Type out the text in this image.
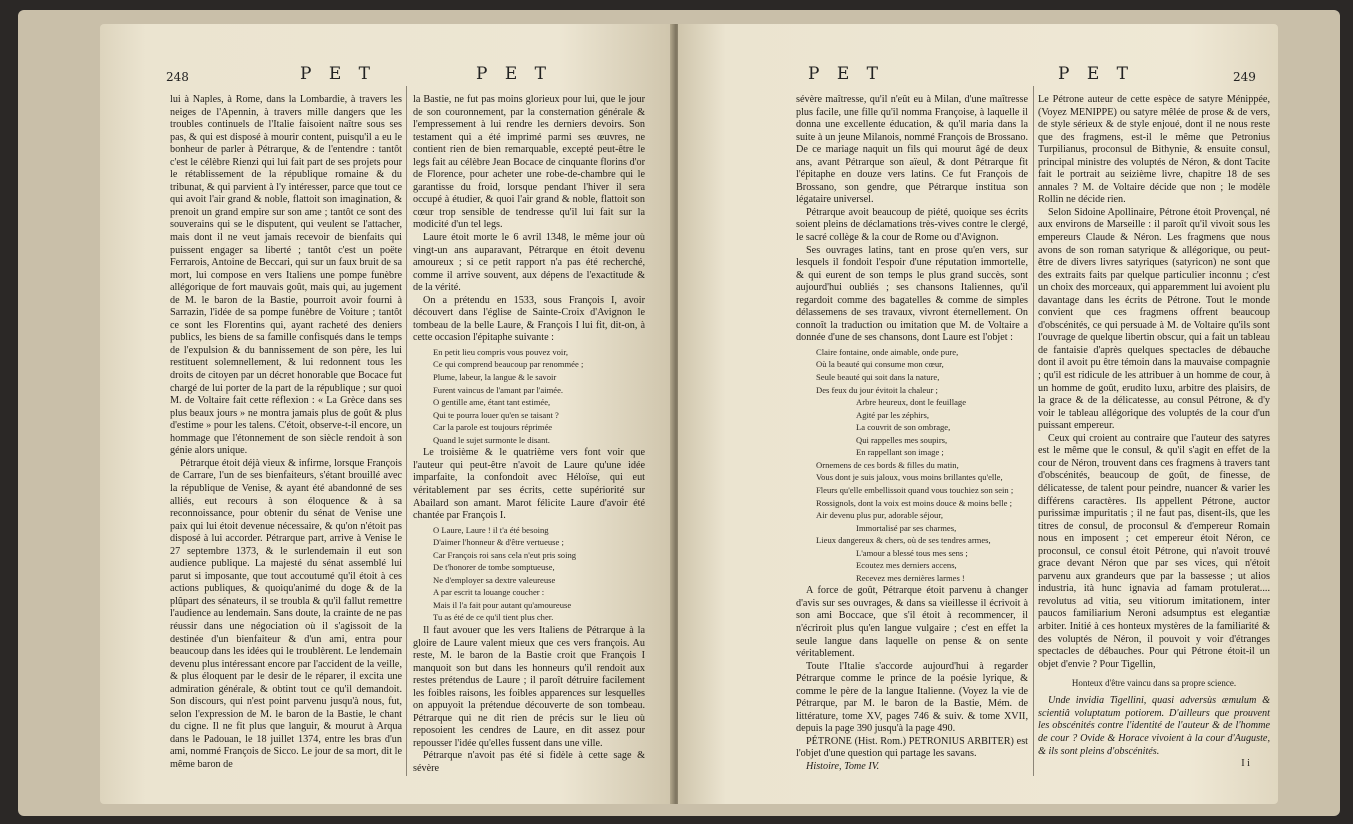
248	P E T	P E T

lui à Naples, à Rome, dans la Lombardie, à travers les neiges de l'Apennin, à travers mille dangers que les troubles continuels de l'Italie faisoient naître sous ses pas, & qui est disposé à mourir content, puisqu'il a eu le bonheur de parler à Pétrarque, & de l'entendre : tantôt c'est le célèbre Rienzi qui lui fait part de ses projets pour le rétablissement de la république romaine & du tribunat, & qui parvient à l'y intéresser, parce que tout ce qui avoit l'air grand & noble, flattoit son imagination, & prenoit un grand empire sur son ame ; tantôt ce sont des souverains qui se le disputent, qui veulent se l'attacher, mais dont il ne veut jamais recevoir de bienfaits qui puissent engager sa liberté ; tantôt c'est un poëte Ferrarois, Antoine de Beccari, qui sur un faux bruit de sa mort, lui compose en vers Italiens une pompe funèbre allégorique de fort mauvais goût, mais qui, au jugement de M. le baron de la Bastie, pourroit avoir fourni à Sarrazin, l'idée de sa pompe funèbre de Voiture ; tantôt ce sont les Florentins qui, ayant racheté des deniers publics, les biens de sa famille confisqués dans le temps de l'expulsion & du bannissement de son père, les lui restituent solemnellement, & lui redonnent tous les droits de citoyen par un décret honorable que Bocace fut chargé de lui porter de la part de la république ; sur quoi M. de Voltaire fait cette réflexion : « La Grèce dans ses plus beaux jours » ne montra jamais plus de goût & plus d'estime » pour les talens. C'étoit, observe-t-il encore, un hommage que l'étonnement de son siècle rendoit à son génie alors unique.

Pétrarque étoit déjà vieux & infirme, lorsque François de Carrare, l'un de ses bienfaiteurs, s'étant brouillé avec la république de Venise, & ayant été abandonné de ses alliés, eut recours à son éloquence & à sa reconnoissance, pour obtenir du sénat de Venise une paix qui lui étoit devenue nécessaire, & qu'on n'étoit pas disposé à lui accorder. Pétrarque part, arrive à Venise le 27 septembre 1373, & le surlendemain il eut son audience publique. La majesté du sénat assemblé lui parut si imposante, que tout accoutumé qu'il étoit à ces actions publiques, & quoiqu'animé du doge & de la plûpart des sénateurs, il se troubla & qu'il fallut remettre l'audience au lendemain. Sans doute, la crainte de ne pas réussir dans une négociation où il s'agissoit de la destinée d'un bienfaiteur & d'un ami, entra pour beaucoup dans les idées qui le troublèrent. Le lendemain devenu plus intéressant encore par l'accident de la veille, & plus éloquent par le desir de le réparer, il excita une admiration générale, & obtint tout ce qu'il demandoit. Son discours, qui n'est point parvenu jusqu'à nous, fut, selon l'expression de M. le baron de la Bastie, le chant du cigne. Il ne fit plus que languir, & mourut à Arqua dans le Padouan, le 18 juillet 1374, entre les bras d'un ami, nommé François de Sicco. Le jour de sa mort, dit le même baron de

la Bastie, ne fut pas moins glorieux pour lui, que le jour de son couronnement, par la consternation générale & l'empressement à lui rendre les derniers devoirs. Son testament qui a été imprimé parmi ses œuvres, ne contient rien de bien remarquable, excepté peut-être le legs fait au célèbre Jean Bocace de cinquante florins d'or de Florence, pour acheter une robe-de-chambre qui le garantisse du froid, lorsque pendant l'hiver il sera occupé à étudier, & quoi l'air grand & noble, flattoit son cœur trop sensible de tendresse qu'il lui fait sur la modicité d'un tel legs.

Laure étoit morte le 6 avril 1348, le même jour où vingt-un ans auparavant, Pétrarque en étoit devenu amoureux ; si ce petit rapport n'a pas été recherché, comme il arrive souvent, aux dépens de l'exactitude & de la vérité.

On a prétendu en 1533, sous François I, avoir découvert dans l'église de Sainte-Croix d'Avignon le tombeau de la belle Laure, & François I lui fit, dit-on, à cette occasion l'épitaphe suivante :

En petit lieu compris vous pouvez voir,
Ce qui comprend beaucoup par renommée ;
Plume, labeur, la langue & le savoir
Furent vaincus de l'amant par l'aimée.
O gentille ame, étant tant estimée,
Qui te pourra louer qu'en se taisant ?
Car la parole est toujours réprimée
Quand le sujet surmonte le disant.

Le troisième & le quatrième vers font voir que l'auteur qui peut-être n'avoit de Laure qu'une idée imparfaite, la confondoit avec Héloïse, qui eut véritablement par ses écrits, cette supériorité sur Abailard son amant. Marot félicite Laure d'avoir été chantée par François I.

O Laure, Laure ! il t'a été besoing
D'aimer l'honneur & d'être vertueuse ;
Car François roi sans cela n'eut pris soing
De t'honorer de tombe somptueuse,
Ne d'employer sa dextre valeureuse
A par escrit ta louange coucher :
Mais il l'a fait pour autant qu'amoureuse
Tu as été de ce qu'il tient plus cher.

Il faut avouer que les vers Italiens de Pétrarque à la gloire de Laure valent mieux que ces vers françois. Au reste, M. le baron de la Bastie croit que François I manquoit son but dans les honneurs qu'il rendoit aux restes prétendus de Laure ; il paroît détruire facilement les foibles raisons, les foibles apparences sur lesquelles on appuyoit la prétendue découverte de son tombeau. Pétrarque qui ne dit rien de précis sur le lieu où reposoient les cendres de Laure, en dit assez pour repousser l'idée qu'elles fussent dans une ville.

Pétrarque n'avoit pas été si fidèle à cette sage & sévère

P E T	P E T	249

sévère maîtresse, qu'il n'eût eu à Milan, d'une maîtresse plus facile, une fille qu'il nomma Françoise, à laquelle il donna une excellente éducation, & qu'il maria dans la suite à un jeune Milanois, nommé François de Brossano. De ce mariage naquit un fils qui mourut âgé de deux ans, avant Pétrarque son aïeul, & dont Pétrarque fit l'épitaphe en douze vers latins. Ce fut François de Brossano, son gendre, que Pétrarque institua son légataire universel.

Pétrarque avoit beaucoup de piété, quoique ses écrits soient pleins de déclamations très-vives contre le clergé, le sacré collège & la cour de Rome ou d'Avignon.

Ses ouvrages latins, tant en prose qu'en vers, sur lesquels il fondoit l'espoir d'une réputation immortelle, & qui eurent de son temps le plus grand succès, sont aujourd'hui oubliés ; ses chansons Italiennes, qu'il regardoit comme des bagatelles & comme de simples délassemens de ses travaux, vivront éternellement. On connoît la traduction ou imitation que M. de Voltaire a donnée d'une de ses chansons, dont Laure est l'objet :

Claire fontaine, onde aimable, onde pure,
Où la beauté qui consume mon cœur,
Seule beauté qui soit dans la nature,
Des feux du jour évitoit la chaleur ;
Arbre heureux, dont le feuillage
Agité par les zéphirs,
La couvrit de son ombrage,
Qui rappelles mes soupirs,
En rappellant son image ;
Ornemens de ces bords & filles du matin,
Vous dont je suis jaloux, vous moins brillantes qu'elle,
Fleurs qu'elle embellissoit quand vous touchiez son sein ;
Rossignols, dont la voix est moins douce & moins belle ;
Air devenu plus pur, adorable séjour,
Immortalisé par ses charmes,
Lieux dangereux & chers, où de ses tendres armes,
L'amour a blessé tous mes sens ;
Ecoutez mes derniers accens,
Recevez mes dernières larmes !

A force de goût, Pétrarque étoit parvenu à changer d'avis sur ses ouvrages, & dans sa vieillesse il écrivoit à son ami Boccace, que s'il étoit à recommencer, il n'écriroit plus qu'en langue vulgaire ; c'est en effet la seule langue dans laquelle on pense & on sente véritablement.

Toute l'Italie s'accorde aujourd'hui à regarder Pétrarque comme le prince de la poésie lyrique, & comme le père de la langue Italienne. (Voyez la vie de Pétrarque, par M. le baron de la Bastie, Mém. de littérature, tome XV, pages 746 & suiv. & tome XVII, depuis la page 390 jusqu'à la page 490.

PÉTRONE (Hist. Rom.) PETRONIUS ARBITER) est l'objet d'une question qui partage les savans.

Histoire, Tome IV.

Le Pétrone auteur de cette espèce de satyre Ménippée, (Voyez MENIPPE) ou satyre mêlée de prose & de vers, de style sérieux & de style enjoué, dont il ne nous reste que des fragmens, est-il le même que Petronius Turpilianus, proconsul de Bithynie, & ensuite consul, principal ministre des voluptés de Néron, & dont Tacite fait le portrait au seizième livre, chapitre 18 de ses annales ? M. de Voltaire décide que non ; le modèle Rollin ne décide rien.

Selon Sidoine Apollinaire, Pétrone étoit Provençal, né aux environs de Marseille : il paroît qu'il vivoit sous les empereurs Claude & Néron. Les fragmens que nous avons de son roman satyrique & allégorique, ou peut-être de divers livres satyriques (satyricon) ne sont que des extraits faits par quelque particulier inconnu ; c'est un choix des morceaux, qui apparemment lui avoient plu davantage dans les écrits de Pétrone. Tout le monde convient que ces fragmens offrent beaucoup d'obscénités, ce qui persuade à M. de Voltaire qu'ils sont l'ouvrage de quelque libertin obscur, qui a fait un tableau de fantaisie d'après quelques spectacles de débauche dont il avoit pu être témoin dans la mauvaise compagnie ; qu'il est ridicule de les attribuer à un homme de cour, à un homme de goût, erudito luxu, arbitre des plaisirs, de la grace & de la délicatesse, au consul Pétrone, & d'y voir le tableau allégorique des voluptés de la cour d'un puissant empereur.

Ceux qui croient au contraire que l'auteur des satyres est le même que le consul, & qu'il s'agit en effet de la cour de Néron, trouvent dans ces fragmens à travers tant d'obscénités, beaucoup de goût, de finesse, de délicatesse, de talent pour peindre, nuancer & varier les différens caractères. Ils appellent Pétrone, auctor purissimæ impuritatis ; il ne faut pas, disent-ils, que les titres de consul, de proconsul & d'empereur Romain nous en imposent ; cet empereur étoit Néron, ce proconsul, ce consul étoit Pétrone, qui n'avoit trouvé grace devant Néron que par ses vices, qui n'étoit parvenu aux grandeurs que par la bassesse ; ut alios industria, ità hunc ignavia ad famam protulerat.... revolutus ad vitia, seu vitiorum imitationem, inter paucos familiarium Neroni adsumptus est elegantiæ arbiter. Initié à ces honteux mystères de la familiarité & des voluptés de Néron, il pouvoit y voir d'étranges spectacles de débauches. Pour qui Pétrone étoit-il un objet d'envie ? Pour Tigellin,

Honteux d'être vaincu dans sa propre science.

Unde invidia Tigellini, quasi adversùs æmulum & scientiâ voluptatum potiorem. D'ailleurs que prouvent les obscénités contre l'identité de l'auteur & de l'homme de cour ? Ovide & Horace vivoient à la cour d'Auguste, & ils sont pleins d'obscénités.

I i
